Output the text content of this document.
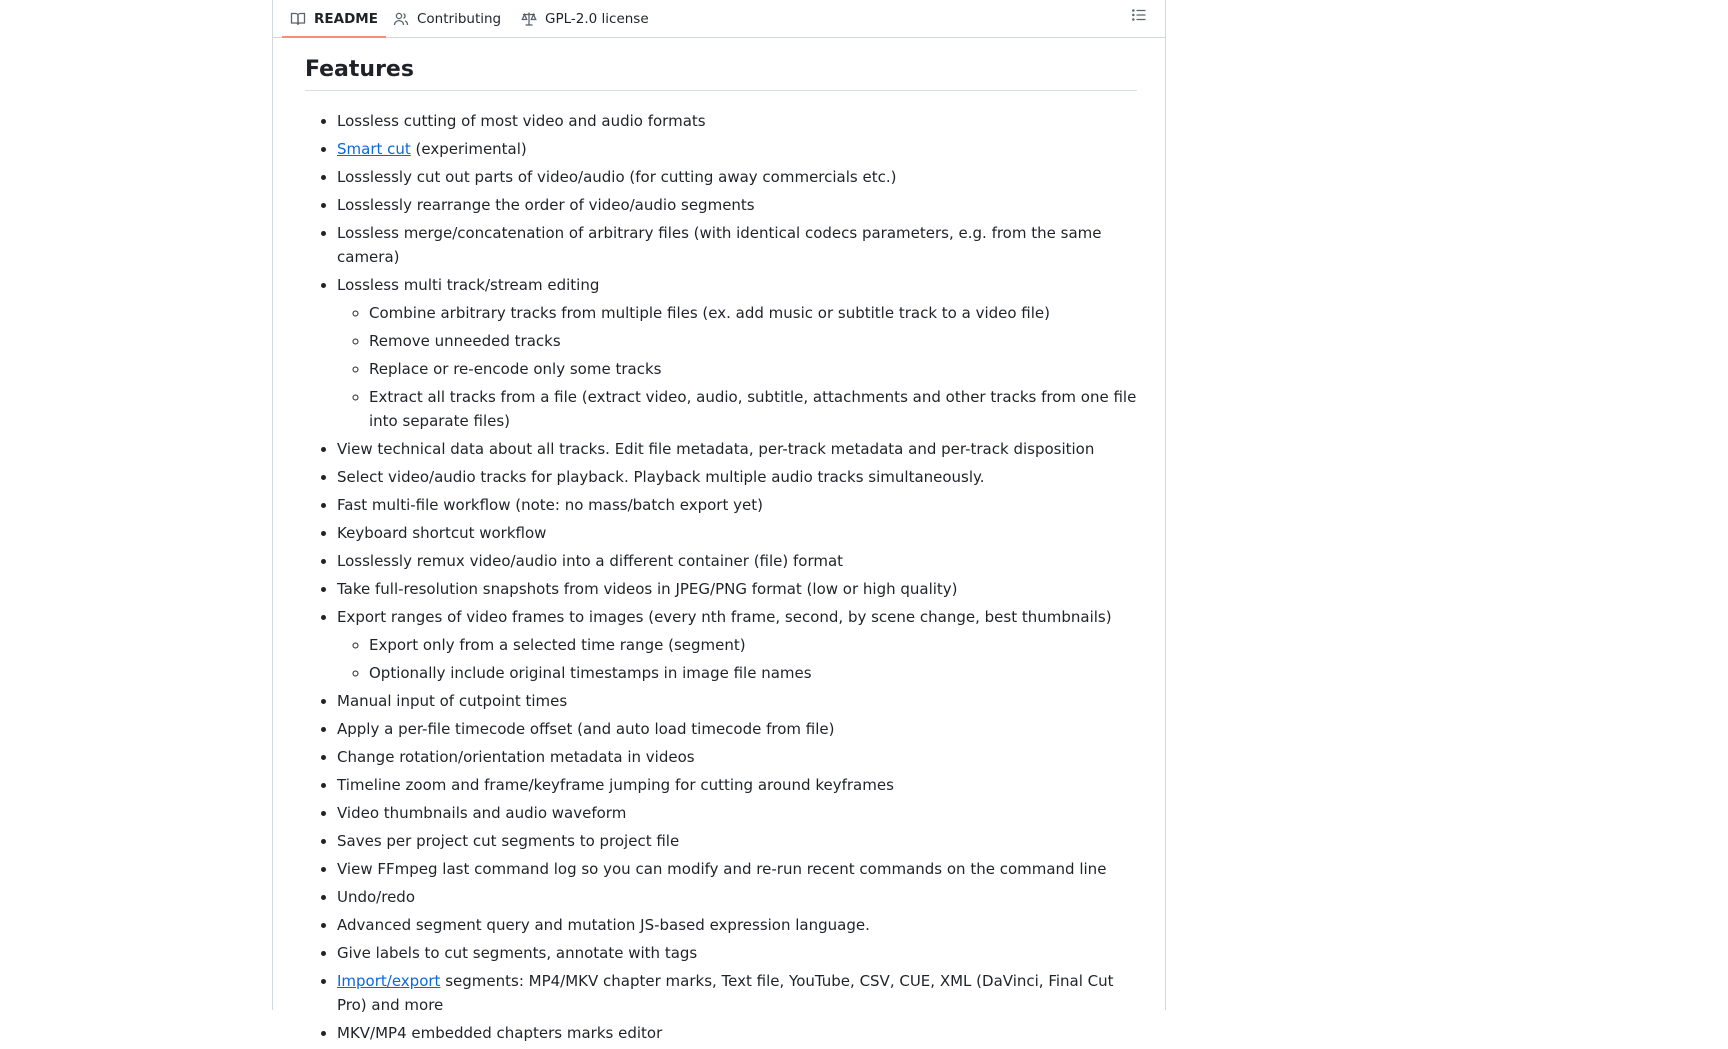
README	Contributing	GPL-2.0 license
Features
• Lossless cutting of most video and audio formats
• Smart cut (experimental)
• Losslessly cut out parts of video/audio (for cutting away commercials etc.)
• Losslessly rearrange the order of video/audio segments
• Lossless merge/concatenation of arbitrary files (with identical codecs parameters, e.g. from the same camera)
• Lossless multi track/stream editing
◦ Combine arbitrary tracks from multiple files (ex. add music or subtitle track to a video file)
◦ Remove unneeded tracks
◦ Replace or re-encode only some tracks
◦ Extract all tracks from a file (extract video, audio, subtitle, attachments and other tracks from one file into separate files)
• View technical data about all tracks. Edit file metadata, per-track metadata and per-track disposition
• Select video/audio tracks for playback. Playback multiple audio tracks simultaneously.
• Fast multi-file workflow (note: no mass/batch export yet)
• Keyboard shortcut workflow
• Losslessly remux video/audio into a different container (file) format
• Take full-resolution snapshots from videos in JPEG/PNG format (low or high quality)
• Export ranges of video frames to images (every nth frame, second, by scene change, best thumbnails)
◦ Export only from a selected time range (segment)
◦ Optionally include original timestamps in image file names
• Manual input of cutpoint times
• Apply a per-file timecode offset (and auto load timecode from file)
• Change rotation/orientation metadata in videos
• Timeline zoom and frame/keyframe jumping for cutting around keyframes
• Video thumbnails and audio waveform
• Saves per project cut segments to project file
• View FFmpeg last command log so you can modify and re-run recent commands on the command line
• Undo/redo
• Advanced segment query and mutation JS-based expression language.
• Give labels to cut segments, annotate with tags
• Import/export segments: MP4/MKV chapter marks, Text file, YouTube, CSV, CUE, XML (DaVinci, Final Cut Pro) and more
• MKV/MP4 embedded chapters marks editor
